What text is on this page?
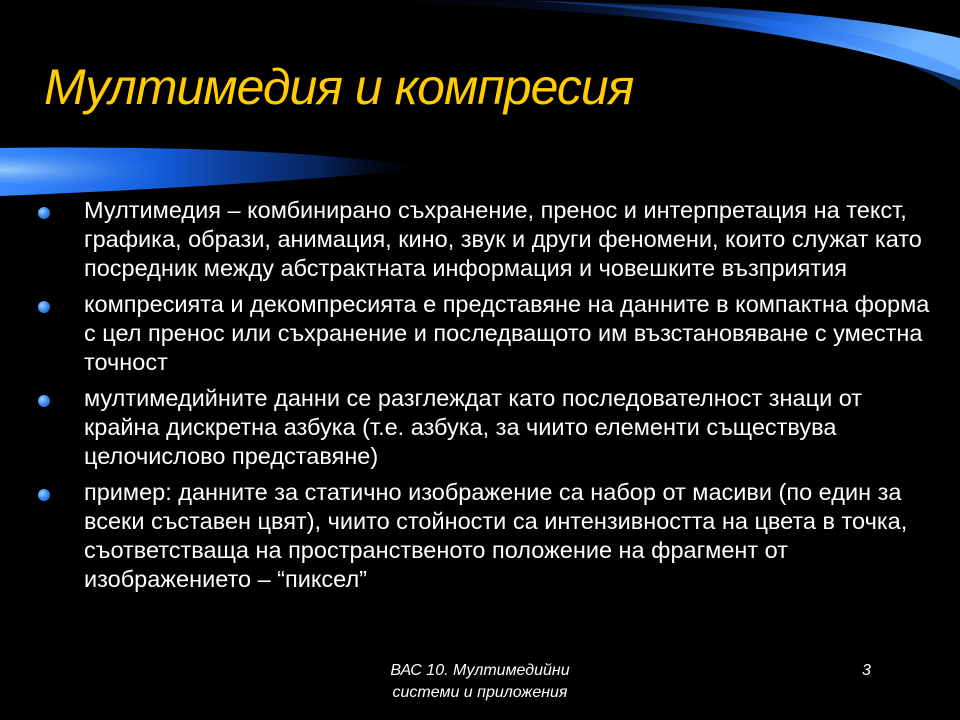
Мултимедия и компресия
Мултимедия – комбинирано съхранение, пренос и интерпретация на текст, графика, образи, анимация, кино, звук и други феномени, които служат като посредник между абстрактната информация и човешките възприятия
компресията и декомпресията е представяне на данните в компактна форма с цел пренос или съхранение и последващото им възстановяване с уместна точност
мултимедийните данни се разглеждат като последователност знаци от крайна дискретна азбука (т.е. азбука, за чиито елементи съществува целочислово представяне)
пример: данните за статично изображение са набор от масиви (по един за всеки съставен цвят), чиито стойности са интензивността на цвета в точка, съответстваща на пространственото положение на фрагмент от изображението – “пиксел”
ВАС 10. Мултимедийни
системи и приложения
3
